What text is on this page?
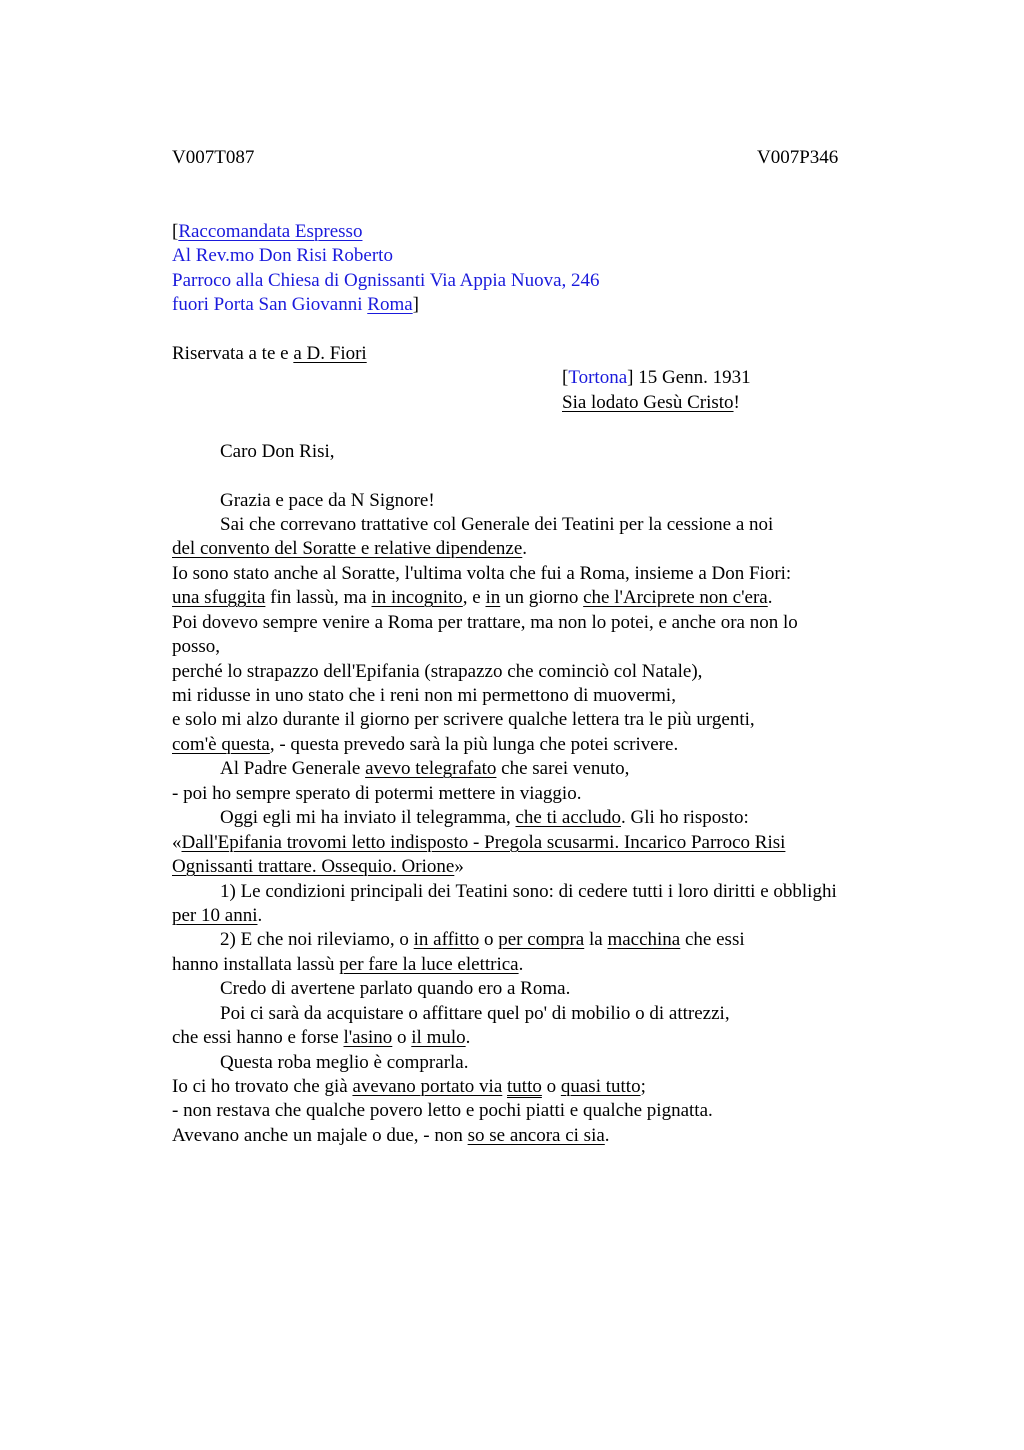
V007T087	V007P346
[Raccomandata Espresso
Al Rev.mo Don Risi Roberto
Parroco alla Chiesa di Ognissanti Via Appia Nuova, 246
fuori Porta San Giovanni Roma]
Riservata a te e a D. Fiori
[Tortona] 15 Genn. 1931
Sia lodato Gesù Cristo!
Caro Don Risi,
Grazia e pace da N Signore!
Sai che correvano trattative col Generale dei Teatini per la cessione a noi
del convento del Soratte e relative dipendenze.
Io sono stato anche al Soratte, l'ultima volta che fui a Roma, insieme a Don Fiori:
una sfuggita fin lassù, ma in incognito, e in un giorno che l'Arciprete non c'era.
Poi dovevo sempre venire a Roma per trattare, ma non lo potei, e anche ora non lo
posso,
perché lo strapazzo dell'Epifania (strapazzo che cominciò col Natale),
mi ridusse in uno stato che i reni non mi permettono di muovermi,
e solo mi alzo durante il giorno per scrivere qualche lettera tra le più urgenti,
com'è questa, - questa prevedo sarà la più lunga che potei scrivere.
Al Padre Generale avevo telegrafato che sarei venuto,
- poi ho sempre sperato di potermi mettere in viaggio.
Oggi egli mi ha inviato il telegramma, che ti accludo. Gli ho risposto:
«Dall'Epifania trovomi letto indisposto - Pregola scusarmi. Incarico Parroco Risi
Ognissanti trattare. Ossequio. Orione»
1) Le condizioni principali dei Teatini sono: di cedere tutti i loro diritti e obblighi
per 10 anni.
2) E che noi rileviamo, o in affitto o per compra la macchina che essi
hanno installata lassù per fare la luce elettrica.
Credo di avertene parlato quando ero a Roma.
Poi ci sarà da acquistare o affittare quel po' di mobilio o di attrezzi,
che essi hanno e forse l'asino o il mulo.
Questa roba meglio è comprarla.
Io ci ho trovato che già avevano portato via tutto o quasi tutto;
- non restava che qualche povero letto e pochi piatti e qualche pignatta.
Avevano anche un majale o due, - non so se ancora ci sia.
